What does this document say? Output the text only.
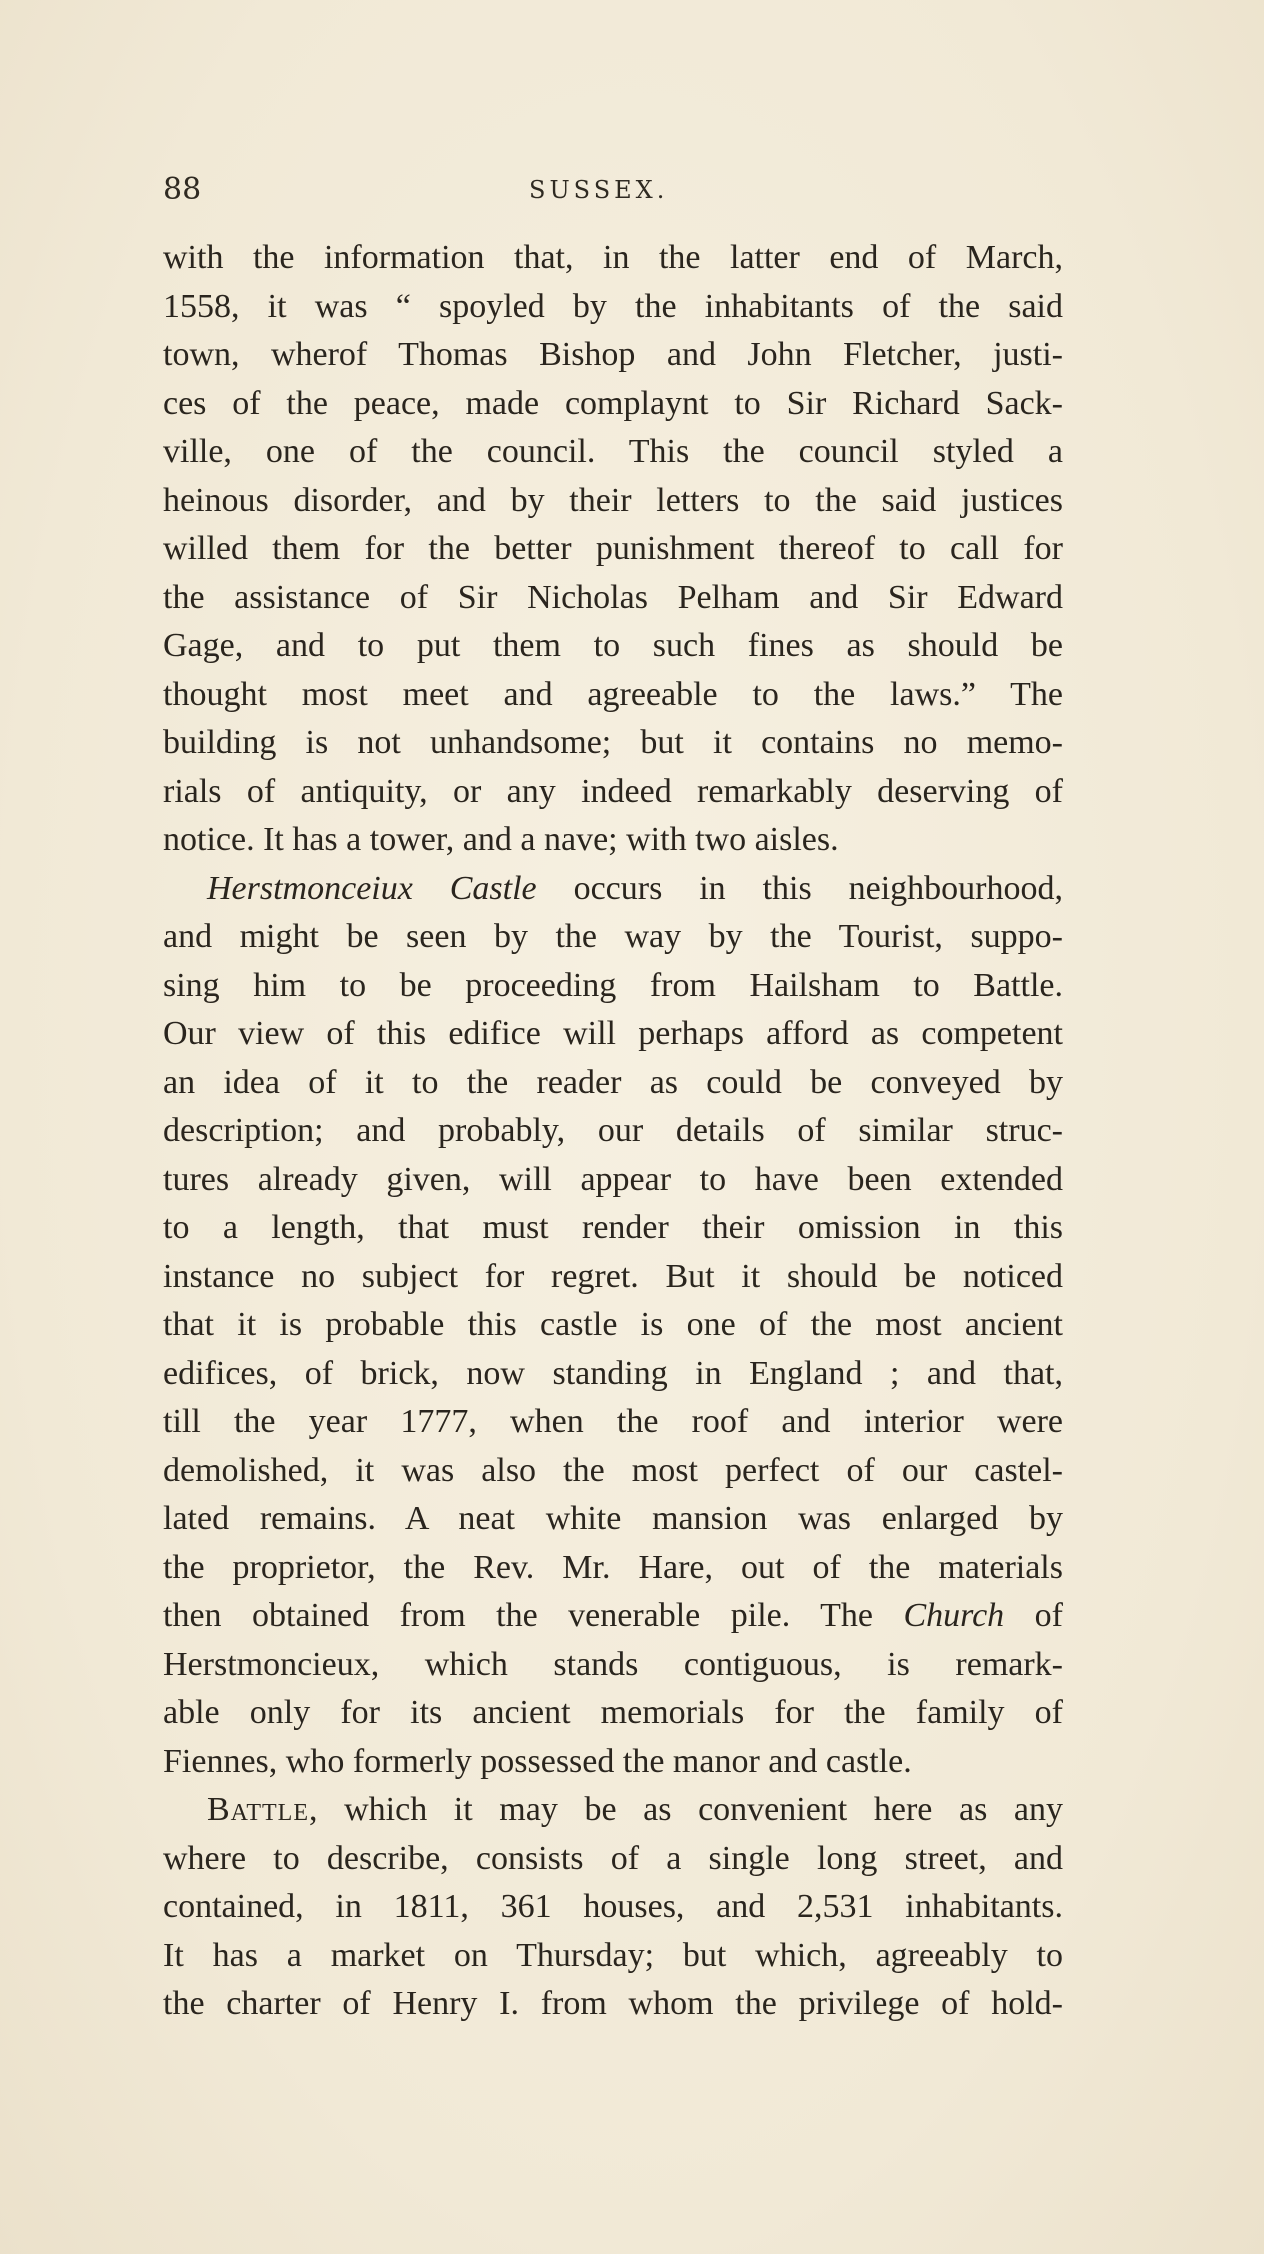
88	SUSSEX.
with the information that, in the latter end of March,
1558, it was “ spoyled by the inhabitants of the said
town, wherof Thomas Bishop and John Fletcher, justi-
ces of the peace, made complaynt to Sir Richard Sack-
ville, one of the council. This the council styled a
heinous disorder, and by their letters to the said justices
willed them for the better punishment thereof to call for
the assistance of Sir Nicholas Pelham and Sir Edward
Gage, and to put them to such fines as should be
thought most meet and agreeable to the laws.” The
building is not unhandsome; but it contains no memo-
rials of antiquity, or any indeed remarkably deserving of
notice. It has a tower, and a nave; with two aisles.
Herstmonceiux Castle occurs in this neighbourhood,
and might be seen by the way by the Tourist, suppo-
sing him to be proceeding from Hailsham to Battle.
Our view of this edifice will perhaps afford as competent
an idea of it to the reader as could be conveyed by
description; and probably, our details of similar struc-
tures already given, will appear to have been extended
to a length, that must render their omission in this
instance no subject for regret. But it should be noticed
that it is probable this castle is one of the most ancient
edifices, of brick, now standing in England ; and that,
till the year 1777, when the roof and interior were
demolished, it was also the most perfect of our castel-
lated remains. A neat white mansion was enlarged by
the proprietor, the Rev. Mr. Hare, out of the materials
then obtained from the venerable pile. The Church of
Herstmoncieux, which stands contiguous, is remark-
able only for its ancient memorials for the family of
Fiennes, who formerly possessed the manor and castle.
Battle, which it may be as convenient here as any
where to describe, consists of a single long street, and
contained, in 1811, 361 houses, and 2,531 inhabitants.
It has a market on Thursday; but which, agreeably to
the charter of Henry I. from whom the privilege of hold-
